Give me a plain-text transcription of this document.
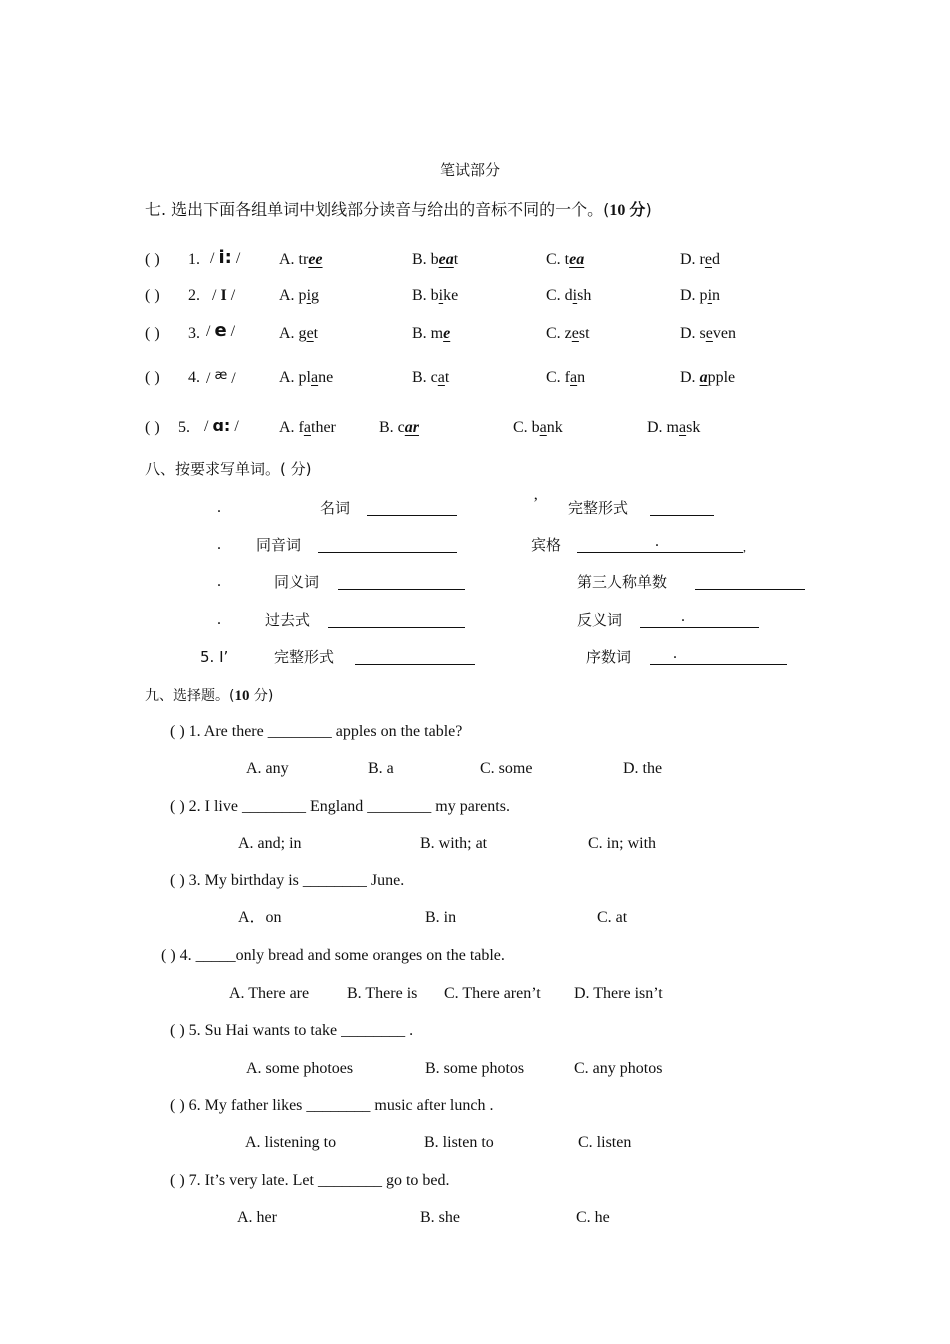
笔试部分
七. 选出下面各组单词中划线部分读音与给出的音标不同的一个。(10 分)
( ) 1. / i: / A. tree	B. beat	C. tea	D. red
( ) 2. / I /	A. pig	B. bike	C. dish	D. pin
( ) 3. / e /	A. get	B. me	C. zest	D. seven
( ) 4. / $^æ$ /	A. plane	B. cat	C. fan	D. apple
( ) 5. / ɑ: /	A. father	B. car	C. bank	D. mask
八、按要求写单词。( 分)
.	名词	’ 完整形式
. 同音词	宾格	.	,
.	同义词	第三人称单数
.	过去式	反义词	.
5. I’	完整形式	序数词	.
九、选择题。(10 分)
( ) 1. Are there ________ apples on the table?
A. any	B. a	C. some	D. the
( ) 2. I live ________ England ________ my parents.
A. and; in	B. with; at	C. in; with
( ) 3. My birthday is ________ June.
A．on	B. in	C. at
( ) 4. _____only bread and some oranges on the table.
A. There are B. There is C. There aren’t D. There isn’t
( ) 5. Su Hai wants to take ________ .
A. some photoes	B. some photos	C. any photos
( ) 6. My father likes ________ music after lunch .
A. listening to	B. listen to	C. listen
( ) 7. It’s very late. Let ________ go to bed.
A. her	B. she	C. he
